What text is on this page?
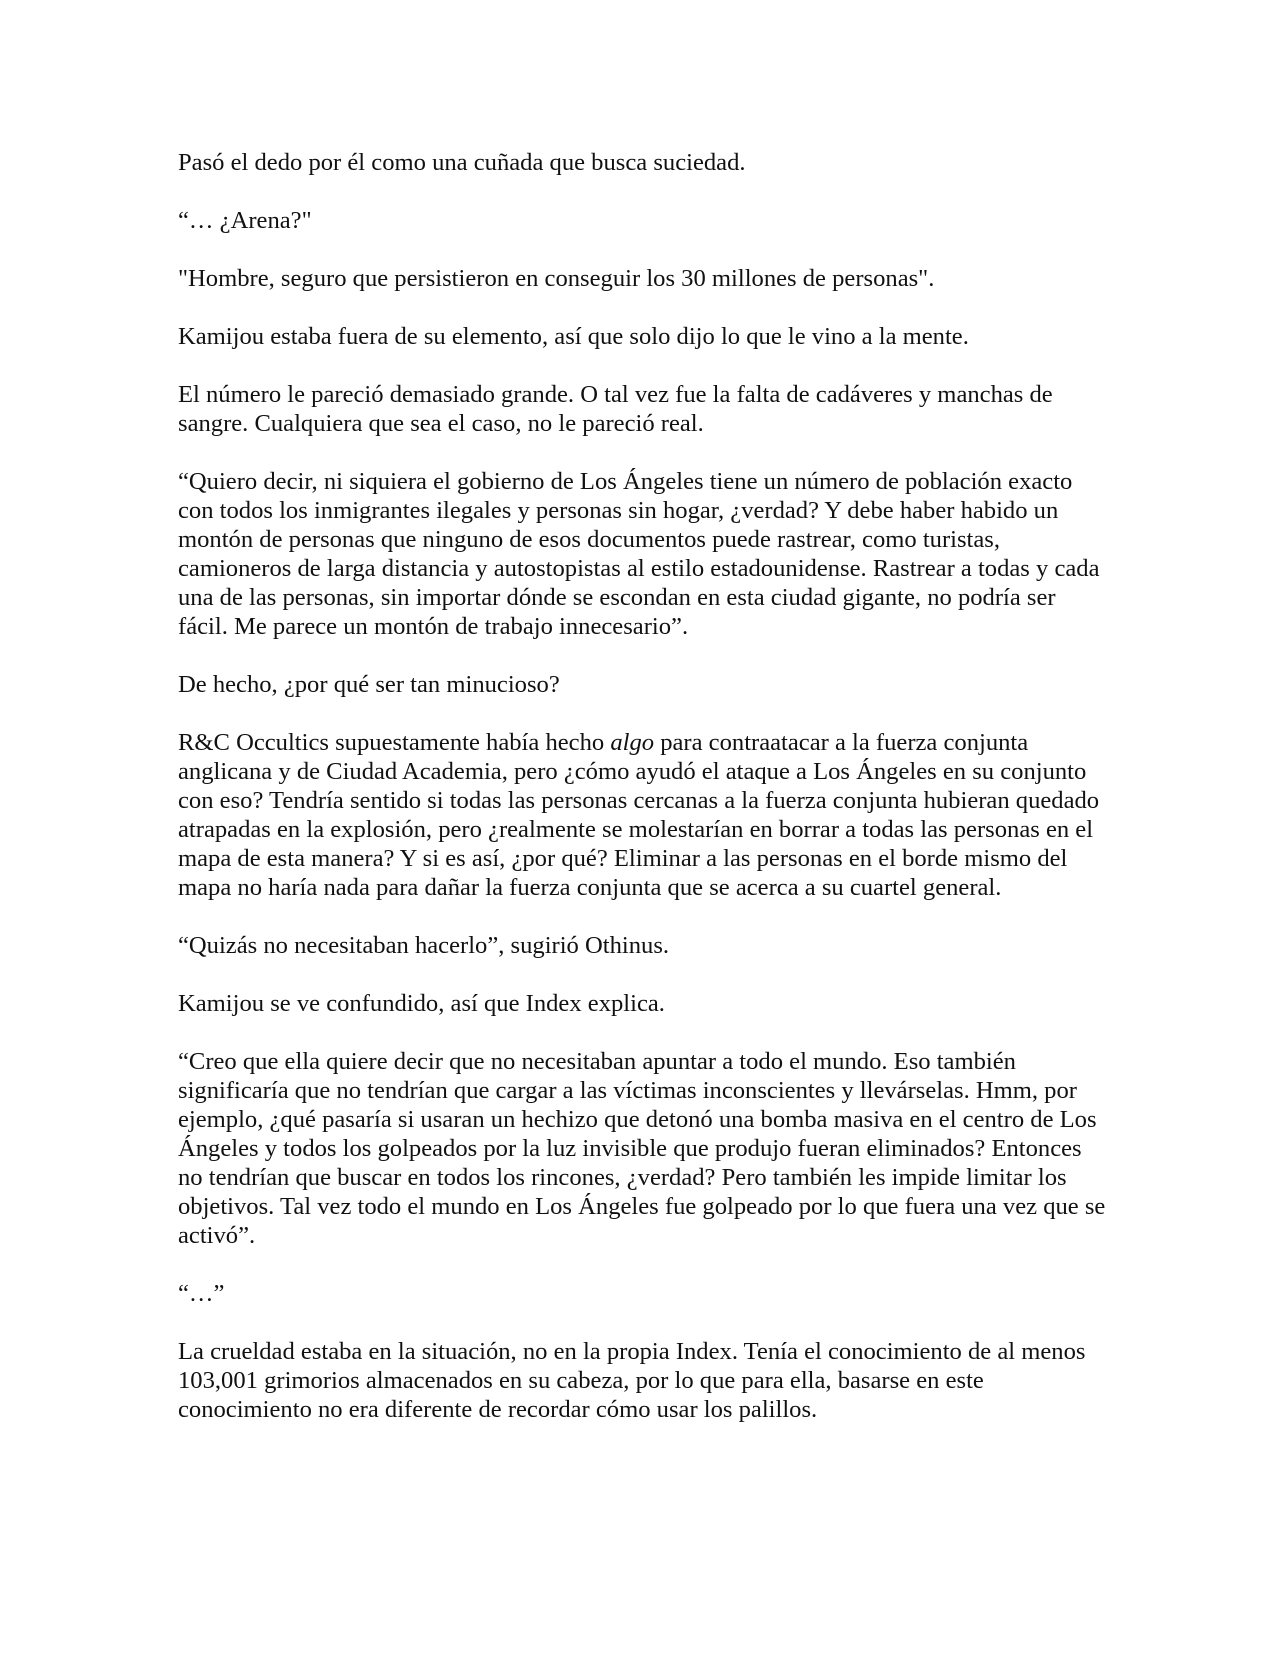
Pasó el dedo por él como una cuñada que busca suciedad.

“… ¿Arena?"

"Hombre, seguro que persistieron en conseguir los 30 millones de personas".

Kamijou estaba fuera de su elemento, así que solo dijo lo que le vino a la mente.

El número le pareció demasiado grande. O tal vez fue la falta de cadáveres y manchas de sangre. Cualquiera que sea el caso, no le pareció real.

“Quiero decir, ni siquiera el gobierno de Los Ángeles tiene un número de población exacto con todos los inmigrantes ilegales y personas sin hogar, ¿verdad? Y debe haber habido un montón de personas que ninguno de esos documentos puede rastrear, como turistas, camioneros de larga distancia y autostopistas al estilo estadounidense. Rastrear a todas y cada una de las personas, sin importar dónde se escondan en esta ciudad gigante, no podría ser fácil. Me parece un montón de trabajo innecesario”.

De hecho, ¿por qué ser tan minucioso?

R&C Occultics supuestamente había hecho algo para contraatacar a la fuerza conjunta anglicana y de Ciudad Academia, pero ¿cómo ayudó el ataque a Los Ángeles en su conjunto con eso? Tendría sentido si todas las personas cercanas a la fuerza conjunta hubieran quedado atrapadas en la explosión, pero ¿realmente se molestarían en borrar a todas las personas en el mapa de esta manera? Y si es así, ¿por qué? Eliminar a las personas en el borde mismo del mapa no haría nada para dañar la fuerza conjunta que se acerca a su cuartel general.

“Quizás no necesitaban hacerlo”, sugirió Othinus.

Kamijou se ve confundido, así que Index explica.

“Creo que ella quiere decir que no necesitaban apuntar a todo el mundo. Eso también significaría que no tendrían que cargar a las víctimas inconscientes y llevárselas. Hmm, por ejemplo, ¿qué pasaría si usaran un hechizo que detonó una bomba masiva en el centro de Los Ángeles y todos los golpeados por la luz invisible que produjo fueran eliminados? Entonces no tendrían que buscar en todos los rincones, ¿verdad? Pero también les impide limitar los objetivos. Tal vez todo el mundo en Los Ángeles fue golpeado por lo que fuera una vez que se activó”.

“…”

La crueldad estaba en la situación, no en la propia Index. Tenía el conocimiento de al menos 103,001 grimorios almacenados en su cabeza, por lo que para ella, basarse en este conocimiento no era diferente de recordar cómo usar los palillos.
